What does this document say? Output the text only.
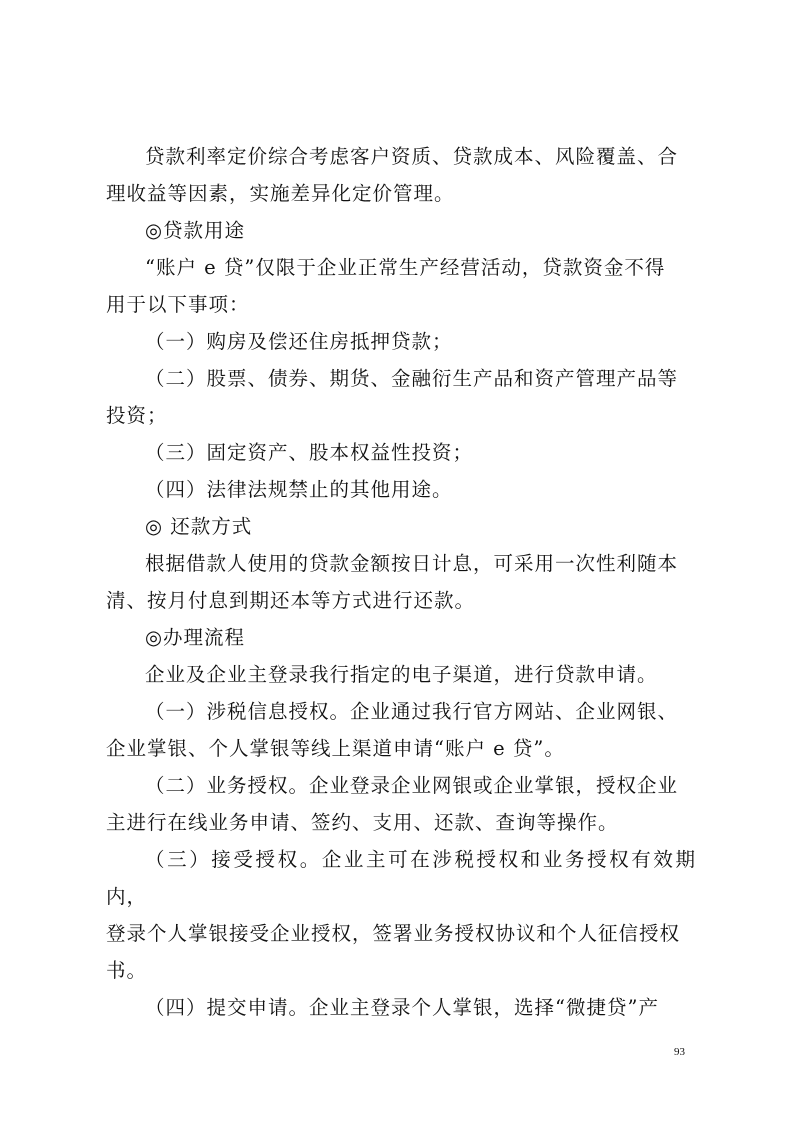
贷款利率定价综合考虑客户资质、贷款成本、风险覆盖、合
理收益等因素，实施差异化定价管理。
◎贷款用途
“账户 e 贷”仅限于企业正常生产经营活动，贷款资金不得
用于以下事项：
（一）购房及偿还住房抵押贷款；
（二）股票、债券、期货、金融衍生产品和资产管理产品等
投资；
（三）固定资产、股本权益性投资；
（四）法律法规禁止的其他用途。
◎ 还款方式
根据借款人使用的贷款金额按日计息，可采用一次性利随本
清、按月付息到期还本等方式进行还款。
◎办理流程
企业及企业主登录我行指定的电子渠道，进行贷款申请。
（一）涉税信息授权。企业通过我行官方网站、企业网银、
企业掌银、个人掌银等线上渠道申请“账户 e 贷”。
（二）业务授权。企业登录企业网银或企业掌银，授权企业
主进行在线业务申请、签约、支用、还款、查询等操作。
（三）接受授权。企业主可在涉税授权和业务授权有效期内，
登录个人掌银接受企业授权，签署业务授权协议和个人征信授权
书。
（四）提交申请。企业主登录个人掌银，选择“微捷贷”产
93
